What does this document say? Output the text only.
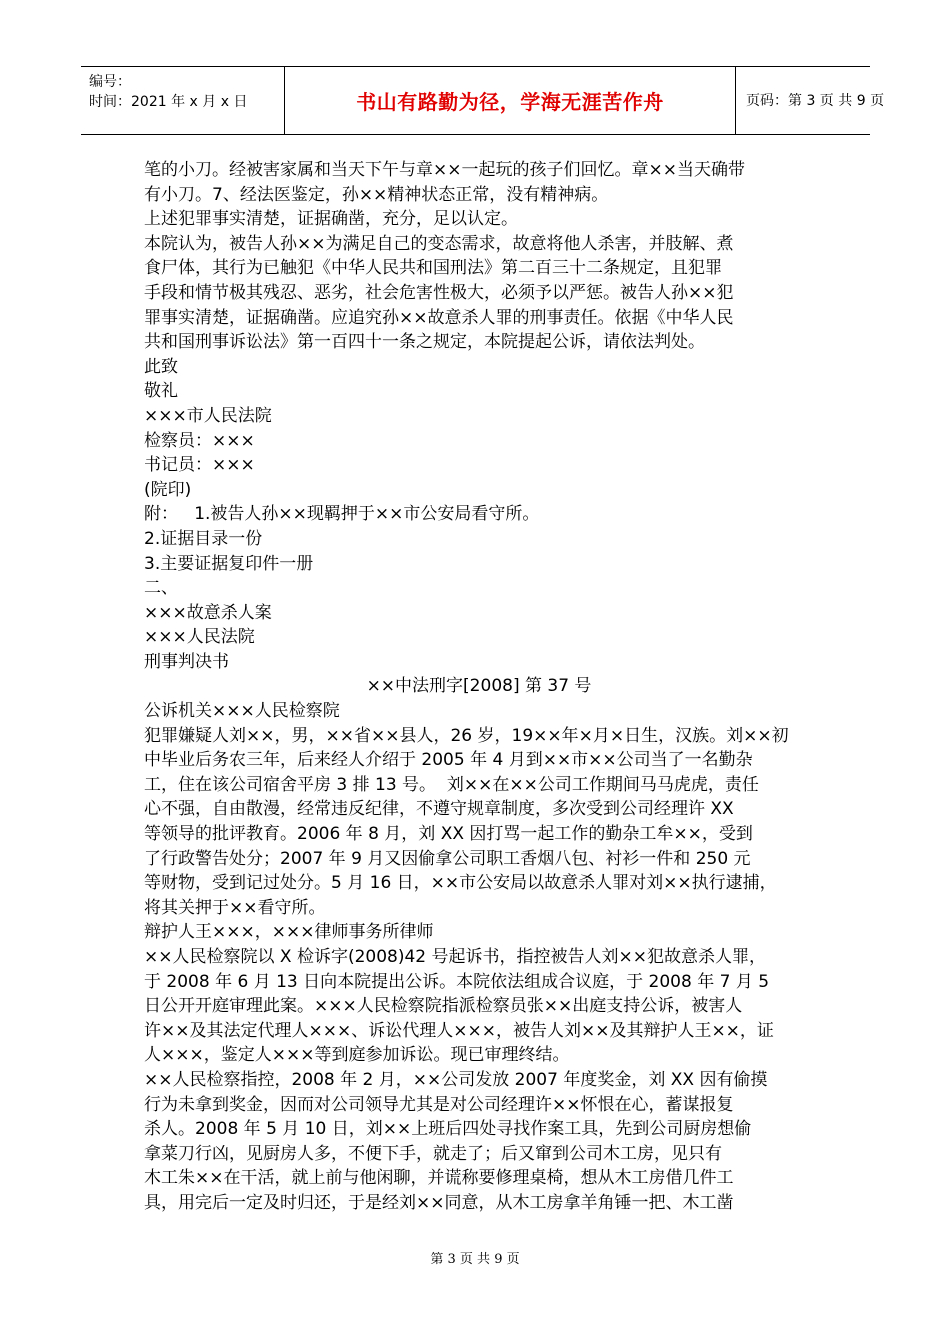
编号：
时间：2021 年 x 月 x 日	书山有路勤为径，学海无涯苦作舟	页码：第 3 页 共 9 页
笔的小刀。经被害家属和当天下午与章××一起玩的孩子们回忆。章××当天确带
有小刀。7、经法医鉴定，孙××精神状态正常，没有精神病。
上述犯罪事实清楚，证据确凿，充分，足以认定。
本院认为，被告人孙××为满足自己的变态需求，故意将他人杀害，并肢解、煮
食尸体，其行为已触犯《中华人民共和国刑法》第二百三十二条规定，且犯罪
手段和情节极其残忍、恶劣，社会危害性极大，必须予以严惩。被告人孙××犯
罪事实清楚，证据确凿。应追究孙××故意杀人罪的刑事责任。依据《中华人民
共和国刑事诉讼法》第一百四十一条之规定，本院提起公诉，请依法判处。
此致
敬礼
×××市人民法院
检察员：×××
书记员：×××
(院印)
附：   1.被告人孙××现羁押于××市公安局看守所。
2.证据目录一份
3.主要证据复印件一册
二、
×××故意杀人案
×××人民法院
刑事判决书
××中法刑字[2008] 第 37 号
公诉机关×××人民检察院
犯罪嫌疑人刘××，男，××省××县人，26 岁，19××年×月×日生，汉族。刘××初
中毕业后务农三年，后来经人介绍于 2005 年 4 月到××市××公司当了一名勤杂
工，住在该公司宿舍平房 3 排 13 号。  刘××在××公司工作期间马马虎虎，责任
心不强，自由散漫，经常违反纪律，不遵守规章制度，多次受到公司经理许 XX
等领导的批评教育。2006 年 8 月，刘 XX 因打骂一起工作的勤杂工牟××，受到
了行政警告处分；2007 年 9 月又因偷拿公司职工香烟八包、衬衫一件和 250 元
等财物，受到记过处分。5 月 16 日，××市公安局以故意杀人罪对刘××执行逮捕，
将其关押于××看守所。
辩护人王×××，×××律师事务所律师
××人民检察院以 X 检诉字(2008)42 号起诉书，指控被告人刘××犯故意杀人罪，
于 2008 年 6 月 13 日向本院提出公诉。本院依法组成合议庭，于 2008 年 7 月 5
日公开开庭审理此案。×××人民检察院指派检察员张××出庭支持公诉，被害人
许××及其法定代理人×××、诉讼代理人×××，被告人刘××及其辩护人王××，证
人×××，鉴定人×××等到庭参加诉讼。现已审理终结。
××人民检察指控，2008 年 2 月，××公司发放 2007 年度奖金，刘 XX 因有偷摸
行为未拿到奖金，因而对公司领导尤其是对公司经理许××怀恨在心，蓄谋报复
杀人。2008 年 5 月 10 日，刘××上班后四处寻找作案工具，先到公司厨房想偷
拿菜刀行凶，见厨房人多，不便下手，就走了；后又窜到公司木工房，见只有
木工朱××在干活，就上前与他闲聊，并谎称要修理桌椅，想从木工房借几件工
具，用完后一定及时归还，于是经刘××同意，从木工房拿羊角锤一把、木工凿
第 3 页 共 9 页
